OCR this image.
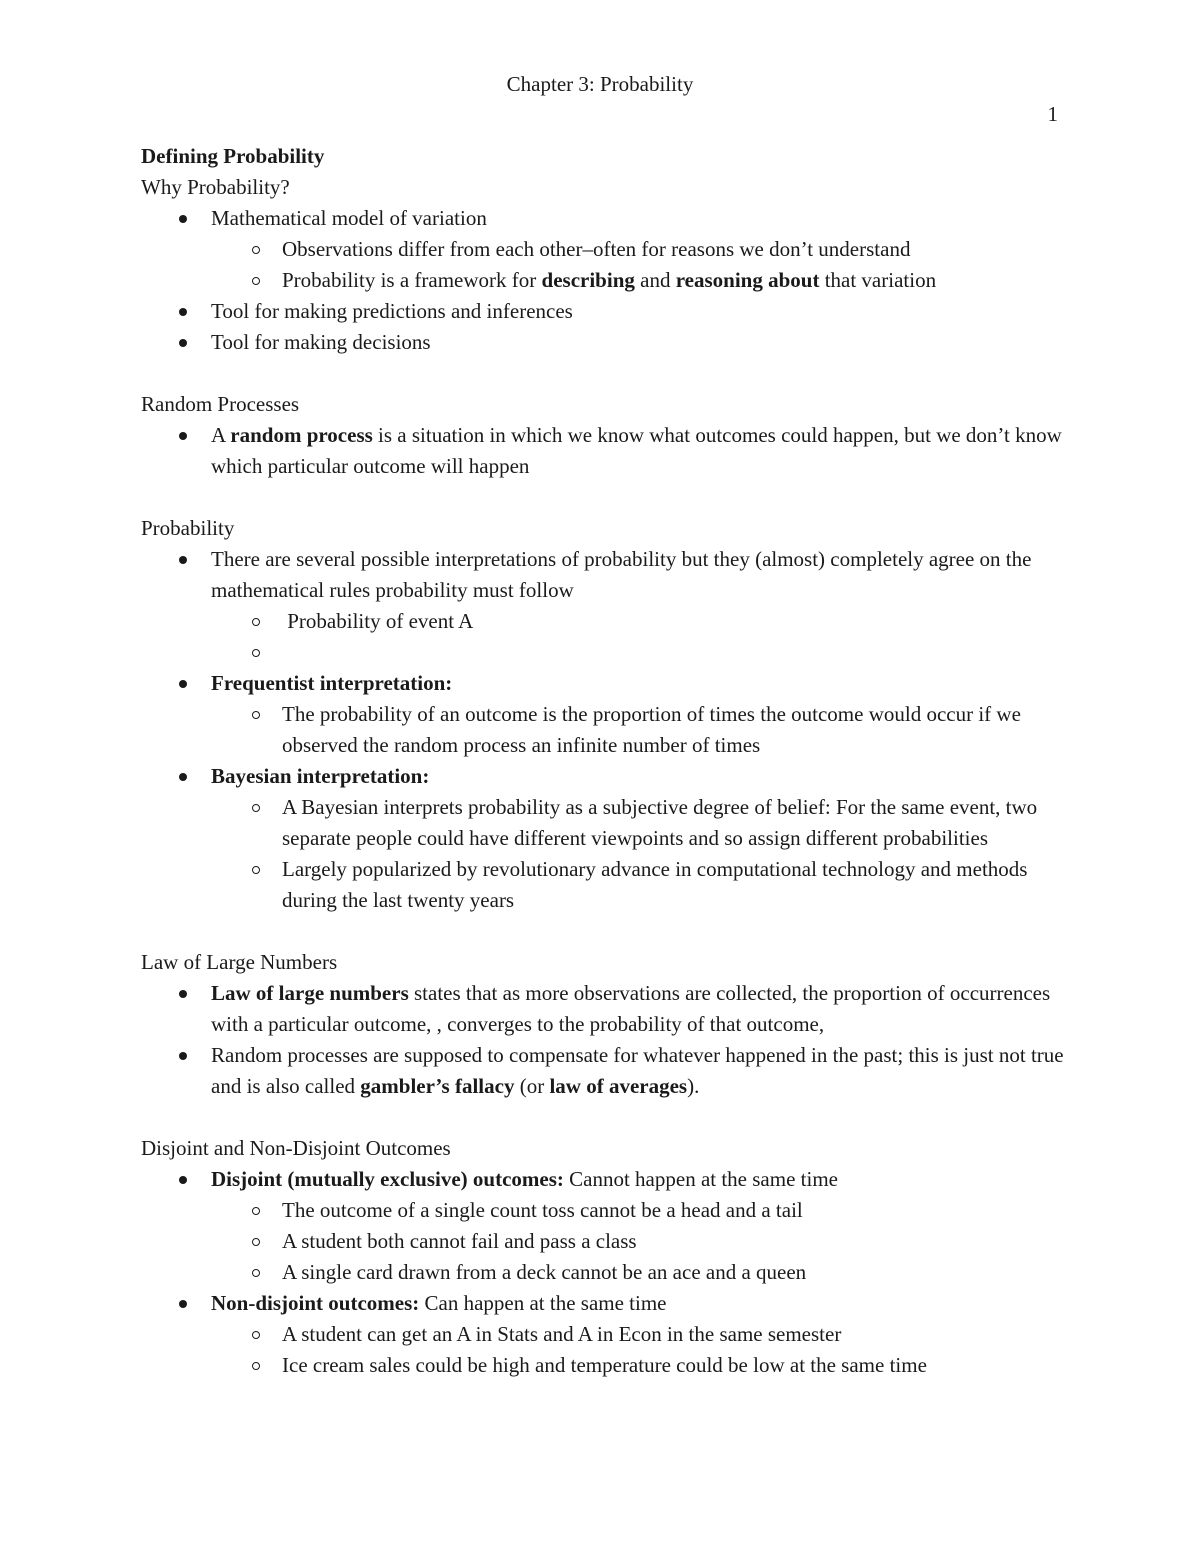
Chapter 3: Probability
1

Defining Probability

Why Probability?

Mathematical model of variation
Observations differ from each other–often for reasons we don’t understand
Probability is a framework for describing and reasoning about that variation
Tool for making predictions and inferences
Tool for making decisions

Random Processes

A random process is a situation in which we know what outcomes could happen, but we don’t know which particular outcome will happen

Probability

There are several possible interpretations of probability but they (almost) completely agree on the mathematical rules probability must follow
Probability of event A

Frequentist interpretation:
The probability of an outcome is the proportion of times the outcome would occur if we observed the random process an infinite number of times
Bayesian interpretation:
A Bayesian interprets probability as a subjective degree of belief: For the same event, two separate people could have different viewpoints and so assign different probabilities
Largely popularized by revolutionary advance in computational technology and methods during the last twenty years

Law of Large Numbers

Law of large numbers states that as more observations are collected, the proportion of occurrences with a particular outcome, , converges to the probability of that outcome,
Random processes are supposed to compensate for whatever happened in the past; this is just not true and is also called gambler’s fallacy (or law of averages).

Disjoint and Non-Disjoint Outcomes

Disjoint (mutually exclusive) outcomes: Cannot happen at the same time
The outcome of a single count toss cannot be a head and a tail
A student both cannot fail and pass a class
A single card drawn from a deck cannot be an ace and a queen
Non-disjoint outcomes: Can happen at the same time
A student can get an A in Stats and A in Econ in the same semester
Ice cream sales could be high and temperature could be low at the same time
